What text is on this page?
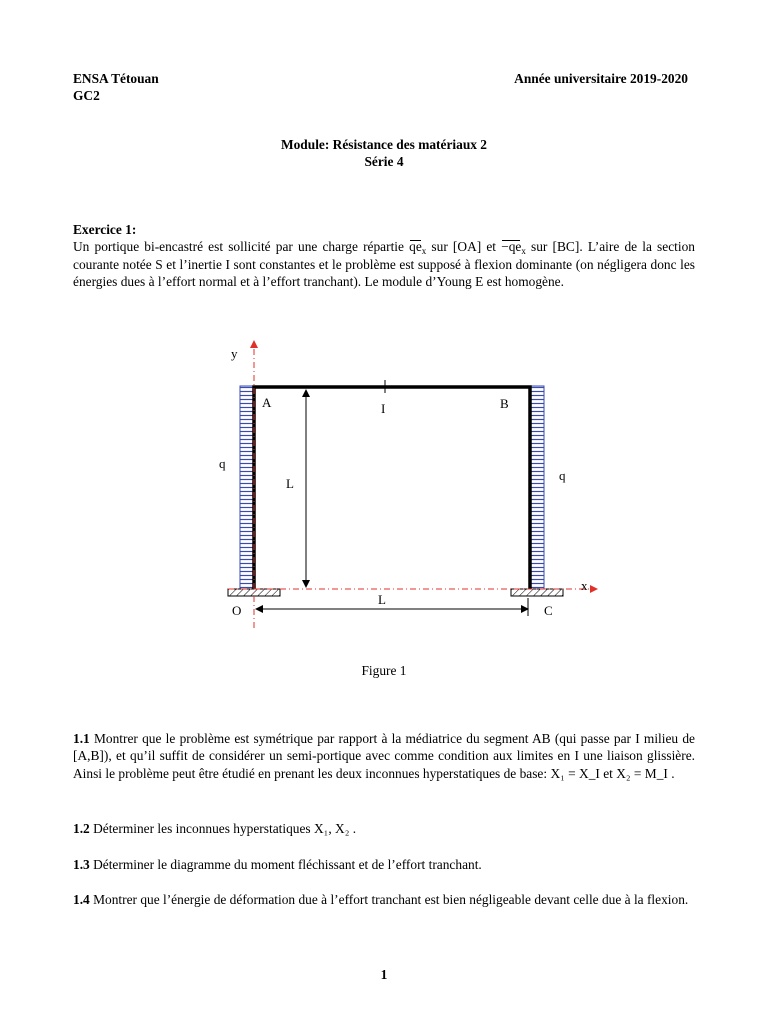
ENSA Tétouan	Année universitaire 2019-2020
GC2
Module: Résistance des matériaux 2
Série 4

Exercice 1:

Un portique bi-encastré est sollicité par une charge répartie $qe_x$ sur [OA] et $-qe_x$ sur [BC]. L’aire de la section courante notée S et l’inertie I sont constantes et le problème est supposé à flexion dominante (on négligera donc les énergies dues à l’effort normal et à l’effort tranchant). Le module d’Young E est homogène.

y
x
A	B
I
O	C
q
q
L
L
Figure 1

1.1 Montrer que le problème est symétrique par rapport à la médiatrice du segment AB (qui passe par I milieu de [A,B]), et qu’il suffit de considérer un semi-portique avec comme condition aux limites en I une liaison glissière. Ainsi le problème peut être étudié en prenant les deux inconnues hyperstatiques de base: X₁ = X_I et X₂ = M_I .

1.2 Déterminer les inconnues hyperstatiques X₁, X₂ .

1.3 Déterminer le diagramme du moment fléchissant et de l’effort tranchant.

1.4 Montrer que l’énergie de déformation due à l’effort tranchant est bien négligeable devant celle due à la flexion.

1
